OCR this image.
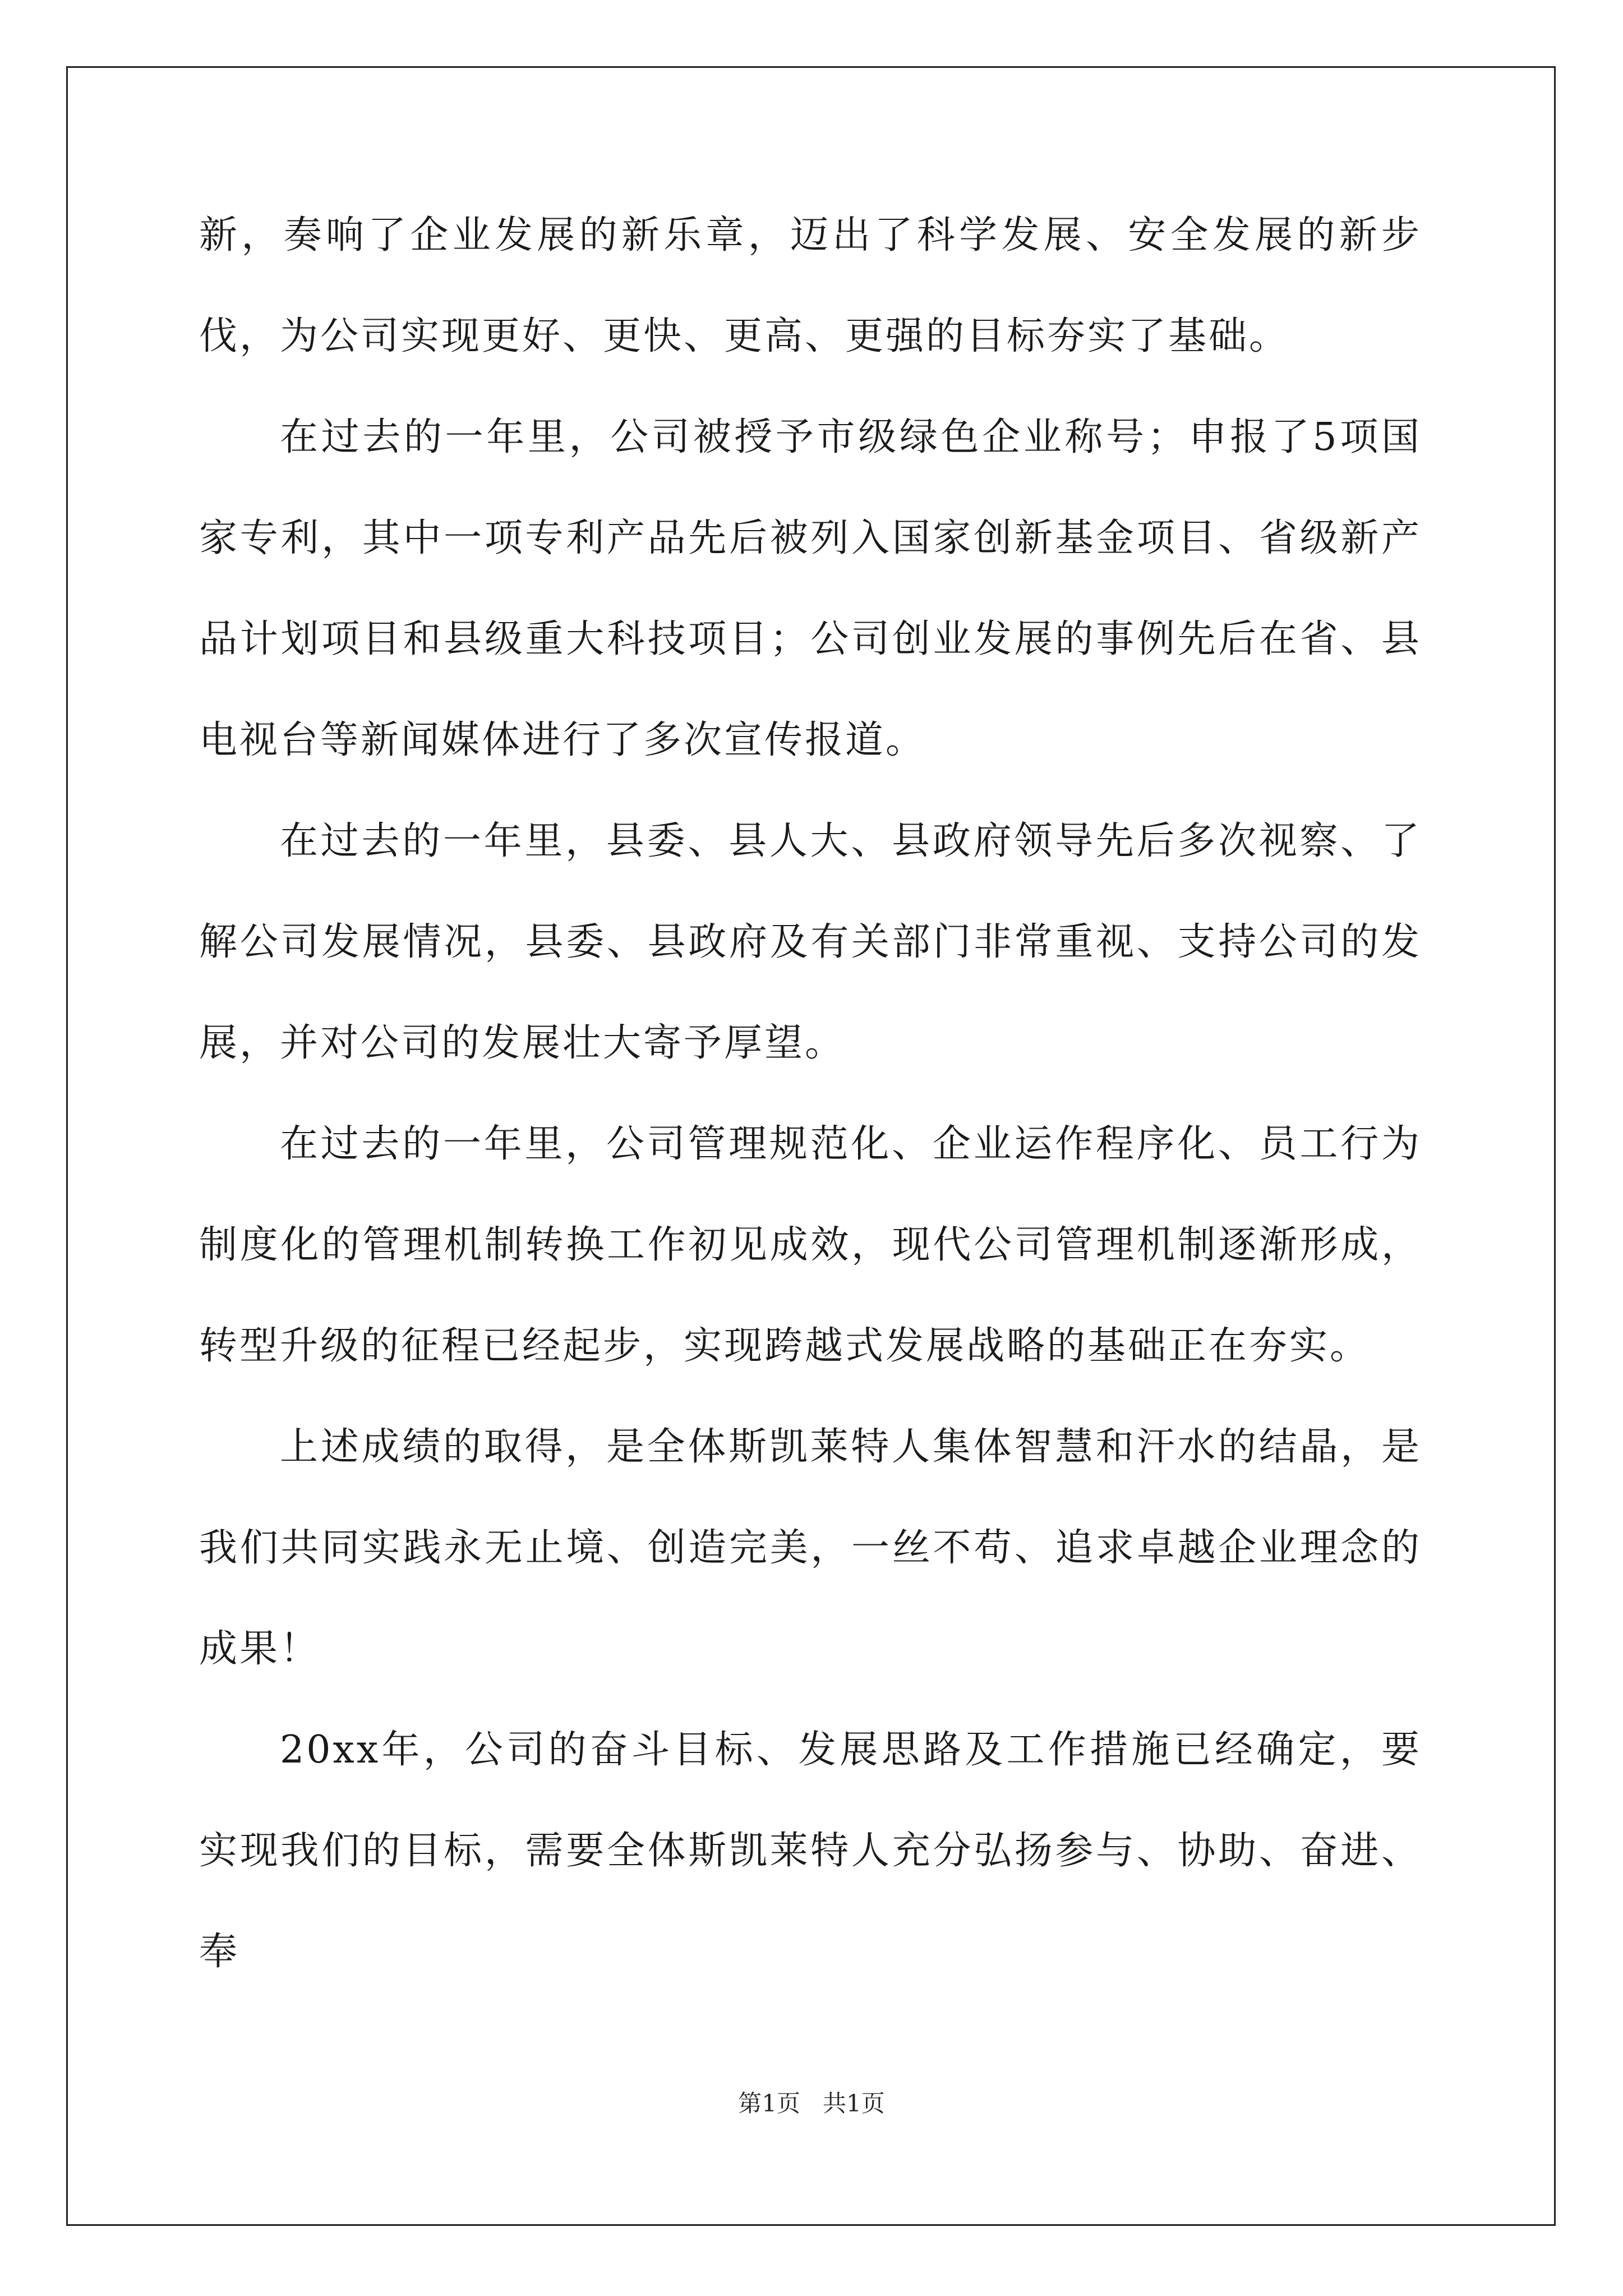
新，奏响了企业发展的新乐章，迈出了科学发展、安全发展的新步伐，为公司实现更好、更快、更高、更强的目标夯实了基础。

在过去的一年里，公司被授予市级绿色企业称号；申报了5项国家专利，其中一项专利产品先后被列入国家创新基金项目、省级新产品计划项目和县级重大科技项目；公司创业发展的事例先后在省、县电视台等新闻媒体进行了多次宣传报道。

在过去的一年里，县委、县人大、县政府领导先后多次视察、了解公司发展情况，县委、县政府及有关部门非常重视、支持公司的发展，并对公司的发展壮大寄予厚望。

在过去的一年里，公司管理规范化、企业运作程序化、员工行为制度化的管理机制转换工作初见成效，现代公司管理机制逐渐形成，转型升级的征程已经起步，实现跨越式发展战略的基础正在夯实。

上述成绩的取得，是全体斯凯莱特人集体智慧和汗水的结晶，是我们共同实践永无止境、创造完美，一丝不苟、追求卓越企业理念的成果！

20xx年，公司的奋斗目标、发展思路及工作措施已经确定，要实现我们的目标，需要全体斯凯莱特人充分弘扬参与、协助、奋进、奉

第1页 共1页
